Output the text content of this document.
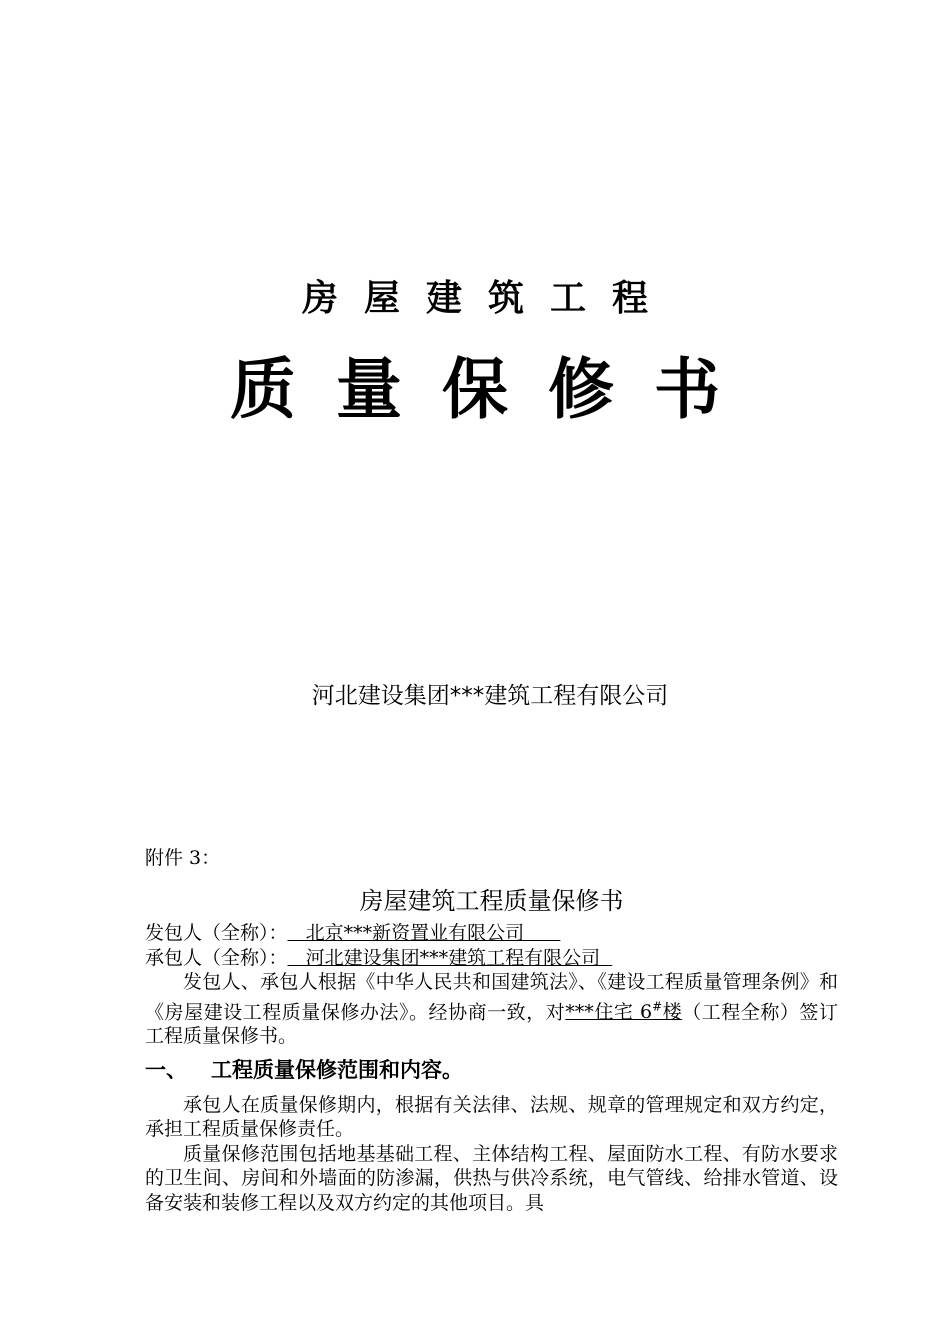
房屋建筑工程
质量保修书
河北建设集团***建筑工程有限公司

附件 3：

房屋建筑工程质量保修书

发包人（全称）：   北京***新资置业有限公司

承包人（全称）：   河北建设集团***建筑工程有限公司

发包人、承包人根据《中华人民共和国建筑法》、《建设工程质量管理条例》和《房屋建设工程质量保修办法》。经协商一致，对***住宅 6#楼（工程全称）签订工程质量保修书。

一、 工程质量保修范围和内容。

承包人在质量保修期内，根据有关法律、法规、规章的管理规定和双方约定，承担工程质量保修责任。

质量保修范围包括地基基础工程、主体结构工程、屋面防水工程、有防水要求的卫生间、房间和外墙面的防渗漏，供热与供冷系统，电气管线、给排水管道、设备安装和装修工程以及双方约定的其他项目。具
